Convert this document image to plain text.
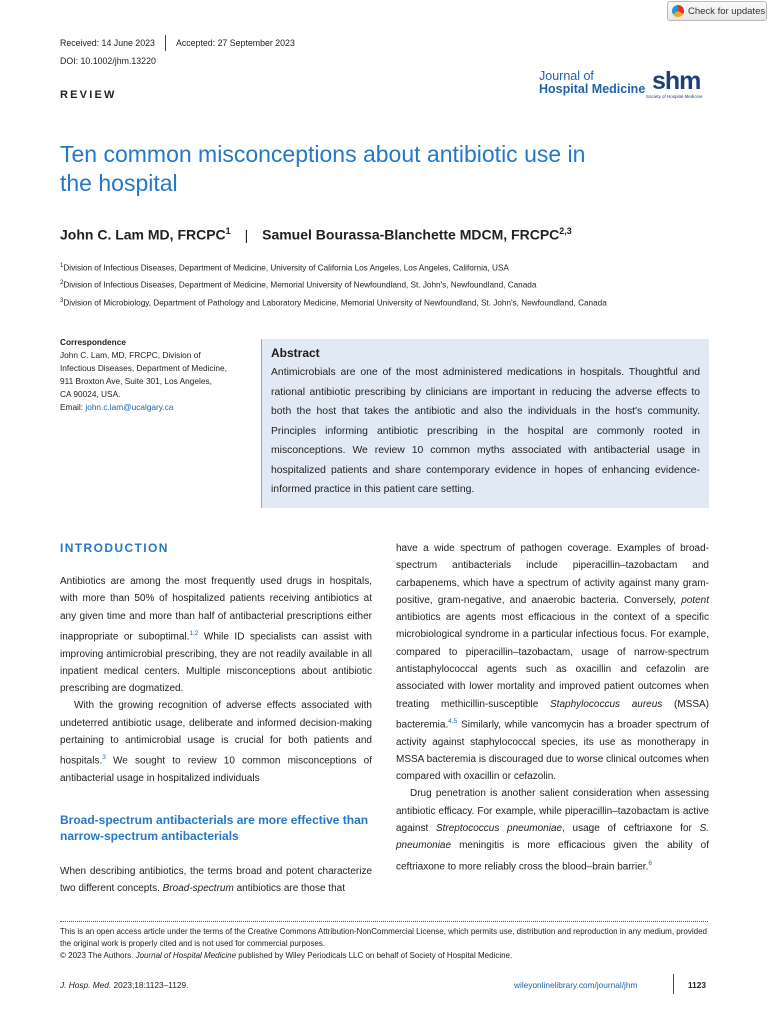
Check for updates
Received: 14 June 2023 Accepted: 27 September 2023
DOI: 10.1002/jhm.13220
REVIEW
Journal of
Hospital Medicine shm
Society of Hospital Medicine
Ten common misconceptions about antibiotic use in the hospital
John C. Lam MD, FRCPC$^1$ | Samuel Bourassa-Blanchette MDCM, FRCPC$^{2,3}$
$^1$Division of Infectious Diseases, Department of Medicine, University of California Los Angeles, Los Angeles, California, USA
$^2$Division of Infectious Diseases, Department of Medicine, Memorial University of Newfoundland, St. John's, Newfoundland, Canada
$^3$Division of Microbiology, Department of Pathology and Laboratory Medicine, Memorial University of Newfoundland, St. John's, Newfoundland, Canada
Correspondence
John C. Lam, MD, FRCPC, Division of
Infectious Diseases, Department of Medicine,
911 Broxton Ave, Suite 301, Los Angeles,
CA 90024, USA.
Email: john.c.lam@ucalgary.ca
Abstract

Antimicrobials are one of the most administered medications in hospitals. Thoughtful and rational antibiotic prescribing by clinicians are important in reducing the adverse effects to both the host that takes the antibiotic and also the individuals in the host's community. Principles informing antibiotic prescribing in the hospital are commonly rooted in misconceptions. We review 10 common myths associated with antibacterial usage in hospitalized patients and share contemporary evidence in hopes of enhancing evidence-informed practice in this patient care setting.

INTRODUCTION

Antibiotics are among the most frequently used drugs in hospitals, with more than 50% of hospitalized patients receiving antibiotics at any given time and more than half of antibacterial prescriptions either inappropriate or suboptimal.$^{1,2}$ While ID specialists can assist with improving antimicrobial prescribing, they are not readily available in all inpatient medical centers. Multiple misconceptions about antibiotic prescribing are dogmatized.

With the growing recognition of adverse effects associated with undeterred antibiotic usage, deliberate and informed decision-making pertaining to antimicrobial usage is crucial for both patients and hospitals.$^3$ We sought to review 10 common misconceptions of antibacterial usage in hospitalized individuals

Broad-spectrum antibacterials are more effective than narrow-spectrum antibacterials

When describing antibiotics, the terms broad and potent characterize two different concepts. Broad-spectrum antibiotics are those that

have a wide spectrum of pathogen coverage. Examples of broad-spectrum antibacterials include piperacillin–tazobactam and carbapenems, which have a spectrum of activity against many gram-positive, gram-negative, and anaerobic bacteria. Conversely, potent antibiotics are agents most efficacious in the context of a specific microbiological syndrome in a particular infectious focus. For example, compared to piperacillin–tazobactam, usage of narrow-spectrum antistaphylococcal agents such as oxacillin and cefazolin are associated with lower mortality and improved patient outcomes when treating methicillin-susceptible Staphylococcus aureus (MSSA) bacteremia.$^{4,5}$ Similarly, while vancomycin has a broader spectrum of activity against staphylococcal species, its use as monotherapy in MSSA bacteremia is discouraged due to worse clinical outcomes when compared with oxacillin or cefazolin.

Drug penetration is another salient consideration when assessing antibiotic efficacy. For example, while piperacillin–tazobactam is active against Streptococcus pneumoniae, usage of ceftriaxone for S. pneumoniae meningitis is more efficacious given the ability of ceftriaxone to more reliably cross the blood–brain barrier.$^6$

This is an open access article under the terms of the Creative Commons Attribution-NonCommercial License, which permits use, distribution and reproduction in any medium, provided the original work is properly cited and is not used for commercial purposes.
© 2023 The Authors. Journal of Hospital Medicine published by Wiley Periodicals LLC on behalf of Society of Hospital Medicine.
J. Hosp. Med. 2023;18:1123–1129.	wileyonlinelibrary.com/journal/jhm	1123
